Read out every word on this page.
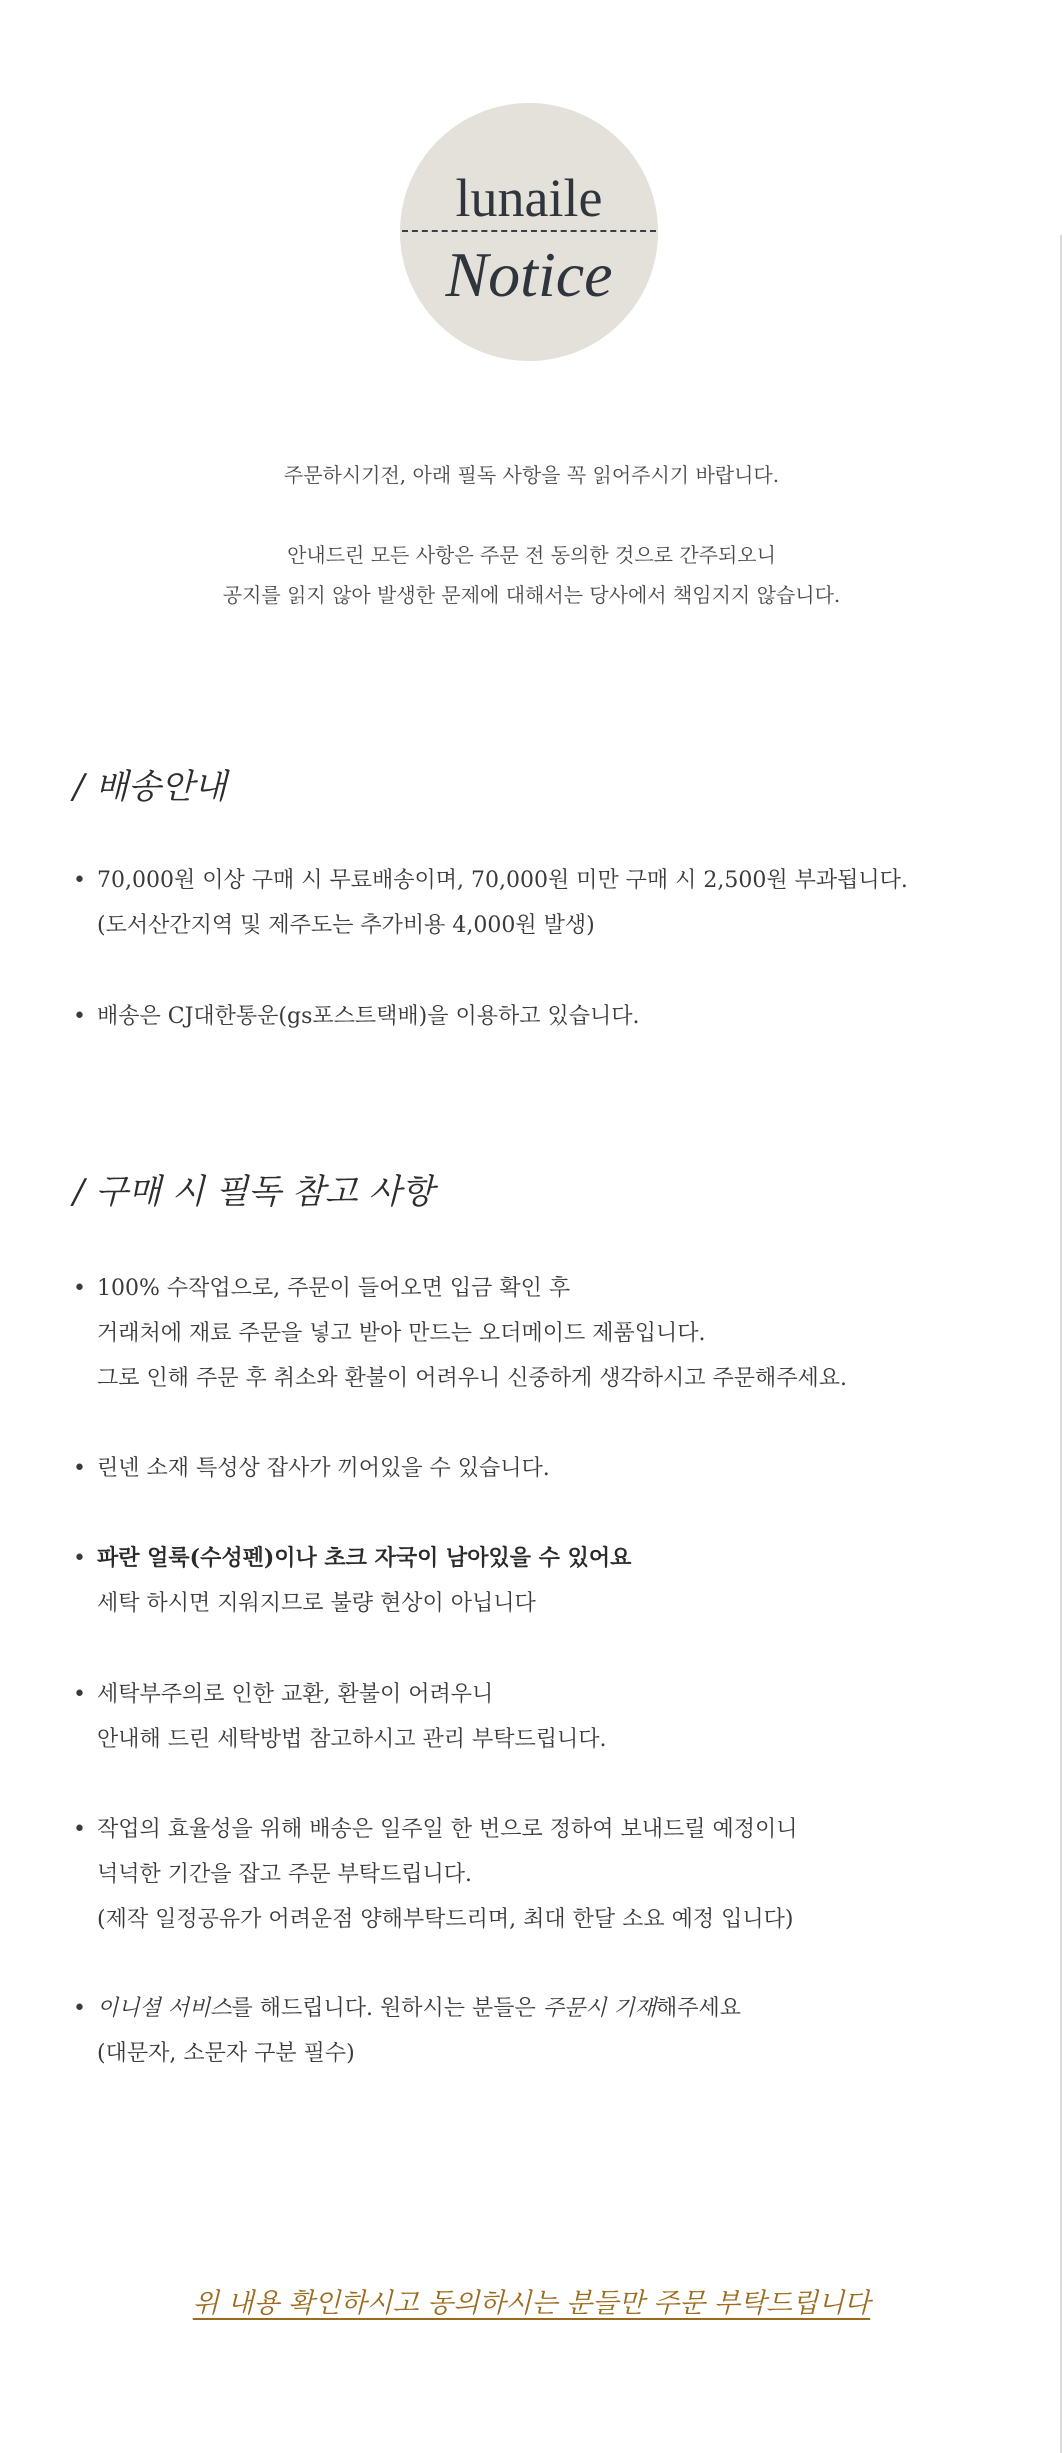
lunaile
Notice

주문하시기전, 아래 필독 사항을 꼭 읽어주시기 바랍니다.

안내드린 모든 사항은 주문 전 동의한 것으로 간주되오니

공지를 읽지 않아 발생한 문제에 대해서는 당사에서 책임지지 않습니다.

/ 배송안내
• 70,000원 이상 구매 시 무료배송이며, 70,000원 미만 구매 시 2,500원 부과됩니다.
(도서산간지역 및 제주도는 추가비용 4,000원 발생)
• 배송은 CJ대한통운(gs포스트택배)을 이용하고 있습니다.
/ 구매 시 필독 참고 사항
• 100% 수작업으로, 주문이 들어오면 입금 확인 후
거래처에 재료 주문을 넣고 받아 만드는 오더메이드 제품입니다.
그로 인해 주문 후 취소와 환불이 어려우니 신중하게 생각하시고 주문해주세요.
• 린넨 소재 특성상 잡사가 끼어있을 수 있습니다.
• 파란 얼룩(수성펜)이나 초크 자국이 남아있을 수 있어요
세탁 하시면 지워지므로 불량 현상이 아닙니다
• 세탁부주의로 인한 교환, 환불이 어려우니
안내해 드린 세탁방법 참고하시고 관리 부탁드립니다.
• 작업의 효율성을 위해 배송은 일주일 한 번으로 정하여 보내드릴 예정이니
넉넉한 기간을 잡고 주문 부탁드립니다.
(제작 일정공유가 어려운점 양해부탁드리며, 최대 한달 소요 예정 입니다)
• 이니셜 서비스를 해드립니다. 원하시는 분들은 주문시 기재해주세요
(대문자, 소문자 구분 필수)

위 내용 확인하시고 동의하시는 분들만 주문 부탁드립니다
